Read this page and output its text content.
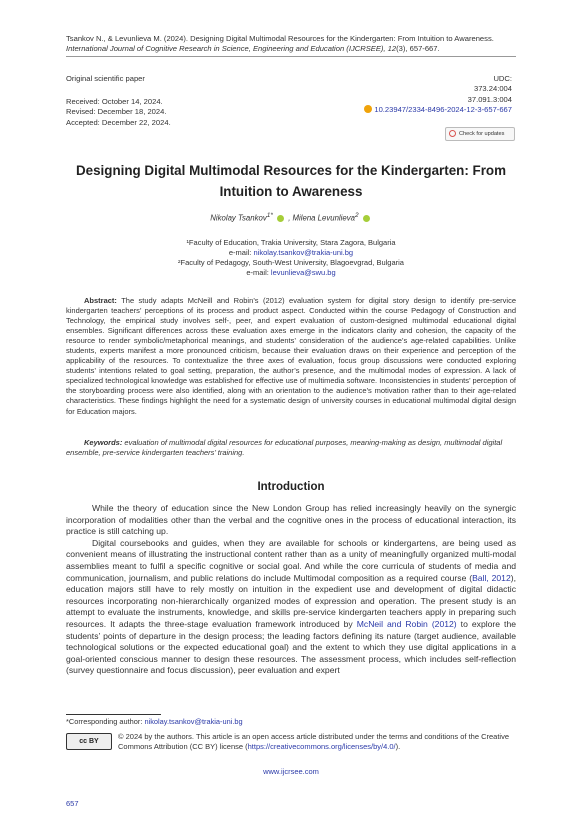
Tsankov N., & Levunlieva M. (2024). Designing Digital Multimodal Resources for the Kindergarten: From Intuition to Awareness.
International Journal of Cognitive Research in Science, Engineering and Education (IJCRSEE), 12(3), 657-667.
Original scientific paper	UDC:
373.24:004
37.091.3:004
10.23947/2334-8496-2024-12-3-657-667
Received: October 14, 2024.
Revised: December 18, 2024.
Accepted: December 22, 2024.
Check for updates
Designing Digital Multimodal Resources for the Kindergarten: From Intuition to Awareness
Nikolay Tsankov$^{1*}$  , Milena Levunlieva$^2$
¹Faculty of Education, Trakia University, Stara Zagora, Bulgaria
e-mail: nikolay.tsankov@trakia-uni.bg
²Faculty of Pedagogy, South-West University, Blagoevgrad, Bulgaria
e-mail: levunlieva@swu.bg
Abstract: The study adapts McNeill and Robin’s (2012) evaluation system for digital story design to identify pre-service kindergarten teachers’ perceptions of its process and product aspect. Conducted within the course Pedagogy of Construction and Technology, the empirical study involves self-, peer, and expert evaluation of custom-designed multimodal educational digital ensembles. Significant differences across these evaluation axes emerge in the indicators clarity and cohesion, the capacity of the resource to render symbolic/metaphorical meanings, and students’ consideration of the audience’s age-related capabilities. Unlike students, experts manifest a more pronounced criticism, because their evaluation draws on their experience and perception of the applicability of the resources. To contextualize the three axes of evaluation, focus group discussions were conducted exploring students’ intentions related to goal setting, preparation, the author’s presence, and the multimodal modes of expression. A lack of specialized technological knowledge was established for effective use of multimedia software. Inconsistencies in students’ perception of the storyboarding process were also identified, along with an orientation to the audience’s motivation rather than to their age-related characteristics. These findings highlight the need for a systematic design of university courses in educational multimodal digital design for Education majors.
Keywords: evaluation of multimodal digital resources for educational purposes, meaning-making as design, multimodal digital ensemble, pre-service kindergarten teachers’ training.
Introduction

While the theory of education since the New London Group has relied increasingly heavily on the synergic incorporation of modalities other than the verbal and the cognitive ones in the process of educational interaction, its practice is still catching up.

Digital coursebooks and guides, when they are available for schools or kindergartens, are being used as convenient means of illustrating the instructional content rather than as a unity of meaningfully organized multi-modal assemblies meant to fulfil a specific cognitive or social goal. And while the core curricula of students of media and communication, journalism, and public relations do include Multimodal composition as a required course (Ball, 2012), education majors still have to rely mostly on intuition in the expedient use and development of digital didactic resources incorporating non-hierarchically organized modes of expression and operation. The present study is an attempt to evaluate the instruments, knowledge, and skills pre-service kindergarten teachers apply in preparing such resources. It adapts the three-stage evaluation framework introduced by McNeil and Robin (2012) to explore the students’ points of departure in the design process; the leading factors defining its nature (target audience, available technological solutions or the expected educational goal) and the extent to which they use digital applications in a goal-oriented conscious manner to design these resources. The assessment process, which includes self-reflection (survey questionnaire and focus discussion), peer evaluation and expert

*Corresponding author: nikolay.tsankov@trakia-uni.bg
cc BY
© 2024 by the authors. This article is an open access article distributed under the terms and conditions of the Creative Commons Attribution (CC BY) license (https://creativecommons.org/licenses/by/4.0/).
www.ijcrsee.com
657
